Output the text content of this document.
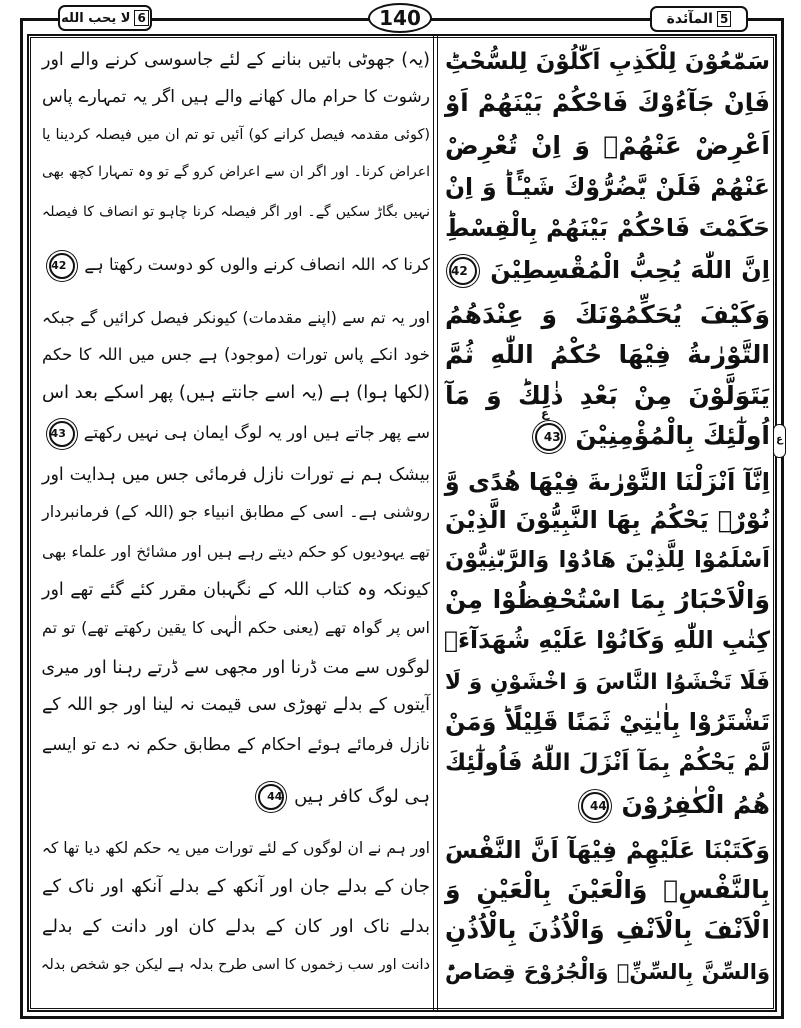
لا يحب الله 6	140	المآئدة 5
سَمّٰعُوْنَ لِلْكَذِبِ اَكّٰلُوْنَ لِلسُّحْتِؕ
فَاِنْ جَآءُوْكَ فَاحْكُمْ بَيْنَهُمْ اَوْ
اَعْرِضْ عَنْهُمْۚ وَ اِنْ تُعْرِضْ
عَنْهُمْ فَلَنْ يَّضُرُّوْكَ شَيْـًٔاؕ وَ اِنْ
حَكَمْتَ فَاحْكُمْ بَيْنَهُمْ بِالْقِسْطِؕ
اِنَّ اللّٰهَ يُحِبُّ الْمُقْسِطِيْنَ 42
وَكَيْفَ يُحَكِّمُوْنَكَ وَ عِنْدَهُمُ
التَّوْرٰىةُ فِيْهَا حُكْمُ اللّٰهِ ثُمَّ
يَتَوَلَّوْنَ مِنْ بَعْدِ ذٰلِكَؕ وَ مَآ
اُولٰٓئِكَ بِالْمُؤْمِنِيْنَ 43
ع
اِنَّآ اَنْزَلْنَا التَّوْرٰىةَ فِيْهَا هُدًى وَّ
نُوْرٌۚ يَحْكُمُ بِهَا النَّبِيُّوْنَ الَّذِيْنَ
اَسْلَمُوْا لِلَّذِيْنَ هَادُوْا وَالرَّبّٰنِيُّوْنَ
وَالْاَحْبَارُ بِمَا اسْتُحْفِظُوْا مِنْ
كِتٰبِ اللّٰهِ وَكَانُوْا عَلَيْهِ شُهَدَآءَۚ
فَلَا تَخْشَوُا النَّاسَ وَ اخْشَوْنِ وَ لَا
تَشْتَرُوْا بِاٰيٰتِيْ ثَمَنًا قَلِيْلًاؕ وَمَنْ
لَّمْ يَحْكُمْ بِمَآ اَنْزَلَ اللّٰهُ فَاُولٰٓئِكَ
هُمُ الْكٰفِرُوْنَ 44
وَكَتَبْنَا عَلَيْهِمْ فِيْهَآ اَنَّ النَّفْسَ
بِالنَّفْسِۙ وَالْعَيْنَ بِالْعَيْنِ وَ
الْاَنْفَ بِالْاَنْفِ وَالْاُذُنَ بِالْاُذُنِ
وَالسِّنَّ بِالسِّنِّۙ وَالْجُرُوْحَ قِصَاصٌؕ
(یہ) جھوٹی باتیں بنانے کے لئے جاسوسی کرنے والے اور
رشوت کا حرام مال کھانے والے ہیں اگر یہ تمہارے پاس
(کوئی مقدمہ فیصل کرانے کو) آئیں تو تم ان میں فیصلہ کردینا یا
اعراض کرنا۔ اور اگر ان سے اعراض کرو گے تو وہ تمہارا کچھ بھی
نہیں بگاڑ سکیں گے۔ اور اگر فیصلہ کرنا چاہو تو انصاف کا فیصلہ
کرنا کہ اللہ انصاف کرنے والوں کو دوست رکھتا ہے 42
اور یہ تم سے (اپنے مقدمات) کیونکر فیصل کرائیں گے جبکہ
خود انکے پاس تورات (موجود) ہے جس میں اللہ کا حکم
(لکھا ہوا) ہے (یہ اسے جانتے ہیں) پھر اسکے بعد اس
سے پھر جاتے ہیں اور یہ لوگ ایمان ہی نہیں رکھتے 43
بیشک ہم نے تورات نازل فرمائی جس میں ہدایت اور
روشنی ہے۔ اسی کے مطابق انبیاء جو (اللہ کے) فرمانبردار
تھے یہودیوں کو حکم دیتے رہے ہیں اور مشائخ اور علماء بھی
کیونکہ وہ کتاب اللہ کے نگہبان مقرر کئے گئے تھے اور
اس پر گواہ تھے (یعنی حکم الٰہی کا یقین رکھتے تھے) تو تم
لوگوں سے مت ڈرنا اور مجھی سے ڈرتے رہنا اور میری
آیتوں کے بدلے تھوڑی سی قیمت نہ لینا اور جو اللہ کے
نازل فرمائے ہوئے احکام کے مطابق حکم نہ دے تو ایسے
ہی لوگ کافر ہیں 44
اور ہم نے ان لوگوں کے لئے تورات میں یہ حکم لکھ دیا تھا کہ
جان کے بدلے جان اور آنکھ کے بدلے آنکھ اور ناک کے
بدلے ناک اور کان کے بدلے کان اور دانت کے بدلے
دانت اور سب زخموں کا اسی طرح بدلہ ہے لیکن جو شخص بدلہ
ع
